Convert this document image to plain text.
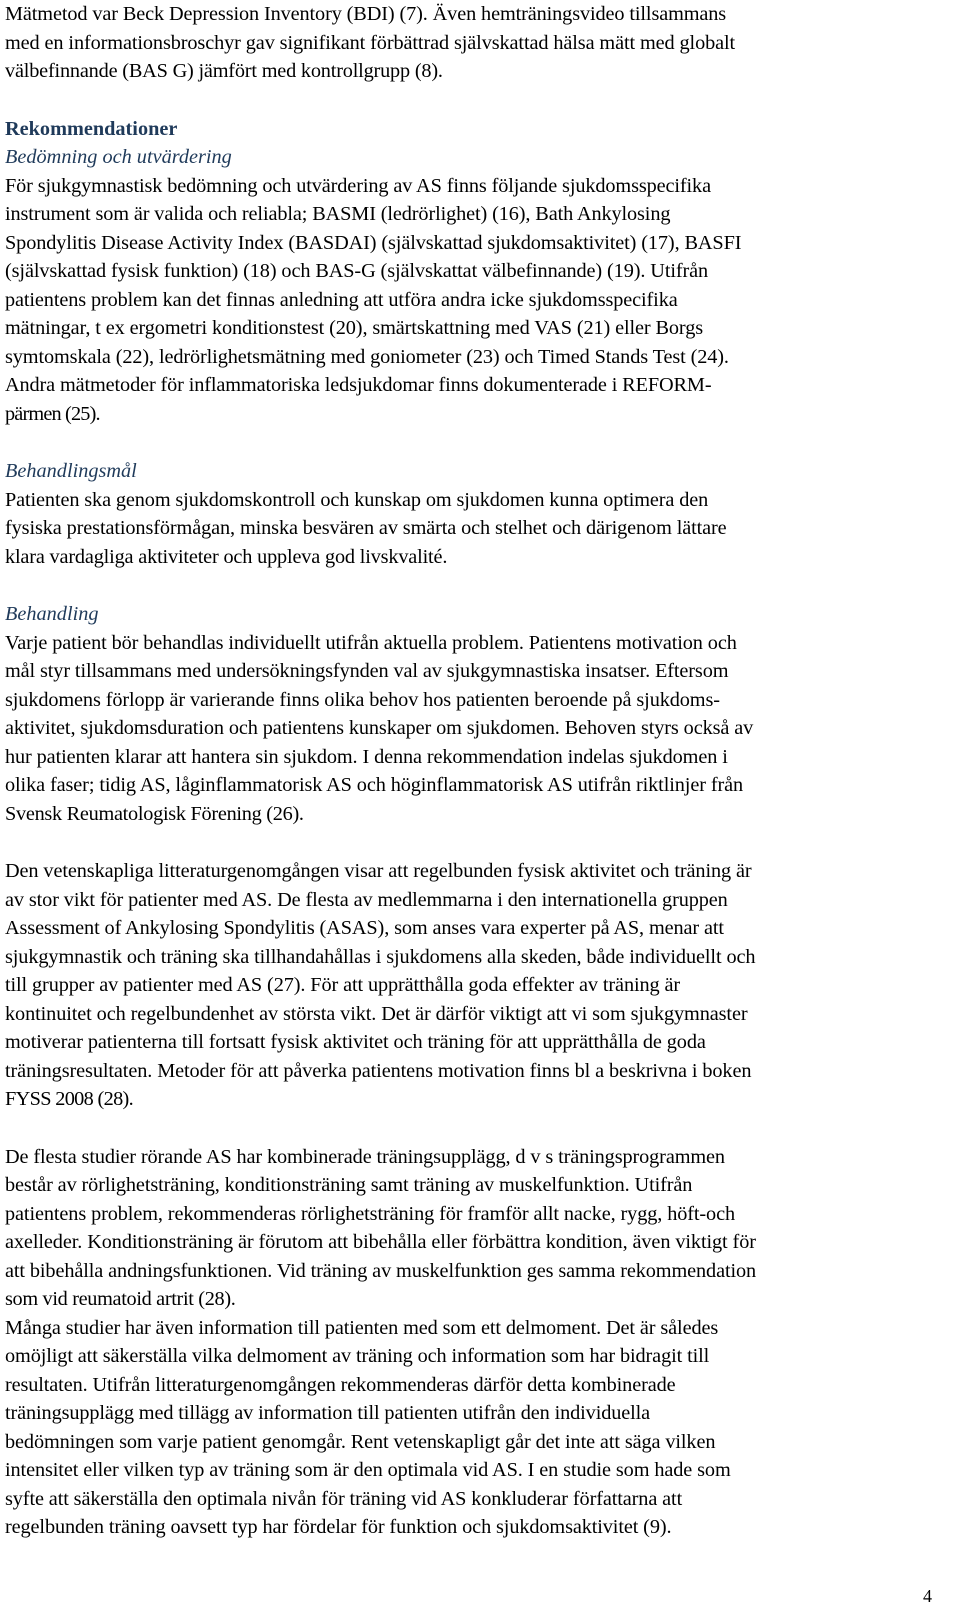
Mätmetod var Beck Depression Inventory (BDI) (7). Även hemträningsvideo tillsammans
med en informationsbroschyr gav signifikant förbättrad självskattad hälsa mätt med globalt
välbefinnande (BAS G) jämfört med kontrollgrupp (8).
Rekommendationer
Bedömning och utvärdering
För sjukgymnastisk bedömning och utvärdering av AS finns följande sjukdomsspecifika
instrument som är valida och reliabla; BASMI (ledrörlighet) (16), Bath Ankylosing
Spondylitis Disease Activity Index (BASDAI) (självskattad sjukdomsaktivitet) (17), BASFI
(självskattad fysisk funktion) (18) och BAS-G (självskattat välbefinnande) (19). Utifrån
patientens problem kan det finnas anledning att utföra andra icke sjukdomsspecifika
mätningar, t ex ergometri konditionstest (20), smärtskattning med VAS (21) eller Borgs
symtomskala (22), ledrörlighetsmätning med goniometer (23) och Timed Stands Test (24).
Andra mätmetoder för inflammatoriska ledsjukdomar finns dokumenterade i REFORM-
pärmen (25).
Behandlingsmål
Patienten ska genom sjukdomskontroll och kunskap om sjukdomen kunna optimera den
fysiska prestationsförmågan, minska besvären av smärta och stelhet och därigenom lättare
klara vardagliga aktiviteter och uppleva god livskvalité.
Behandling
Varje patient bör behandlas individuellt utifrån aktuella problem. Patientens motivation och
mål styr tillsammans med undersökningsfynden val av sjukgymnastiska insatser. Eftersom
sjukdomens förlopp är varierande finns olika behov hos patienten beroende på sjukdoms-
aktivitet, sjukdomsduration och patientens kunskaper om sjukdomen. Behoven styrs också av
hur patienten klarar att hantera sin sjukdom. I denna rekommendation indelas sjukdomen i
olika faser; tidig AS, låginflammatorisk AS och höginflammatorisk AS utifrån riktlinjer från
Svensk Reumatologisk Förening (26).
Den vetenskapliga litteraturgenomgången visar att regelbunden fysisk aktivitet och träning är
av stor vikt för patienter med AS. De flesta av medlemmarna i den internationella gruppen
Assessment of Ankylosing Spondylitis (ASAS), som anses vara experter på AS, menar att
sjukgymnastik och träning ska tillhandahållas i sjukdomens alla skeden, både individuellt och
till grupper av patienter med AS (27). För att upprätthålla goda effekter av träning är
kontinuitet och regelbundenhet av största vikt. Det är därför viktigt att vi som sjukgymnaster
motiverar patienterna till fortsatt fysisk aktivitet och träning för att upprätthålla de goda
träningsresultaten. Metoder för att påverka patientens motivation finns bl a beskrivna i boken
FYSS 2008 (28).
De flesta studier rörande AS har kombinerade träningsupplägg, d v s träningsprogrammen
består av rörlighetsträning, konditionsträning samt träning av muskelfunktion. Utifrån
patientens problem, rekommenderas rörlighetsträning för framför allt nacke, rygg, höft-och
axelleder. Konditionsträning är förutom att bibehålla eller förbättra kondition, även viktigt för
att bibehålla andningsfunktionen. Vid träning av muskelfunktion ges samma rekommendation
som vid reumatoid artrit (28).
Många studier har även information till patienten med som ett delmoment. Det är således
omöjligt att säkerställa vilka delmoment av träning och information som har bidragit till
resultaten. Utifrån litteraturgenomgången rekommenderas därför detta kombinerade
träningsupplägg med tillägg av information till patienten utifrån den individuella
bedömningen som varje patient genomgår. Rent vetenskapligt går det inte att säga vilken
intensitet eller vilken typ av träning som är den optimala vid AS. I en studie som hade som
syfte att säkerställa den optimala nivån för träning vid AS konkluderar författarna att
regelbunden träning oavsett typ har fördelar för funktion och sjukdomsaktivitet (9).
4
